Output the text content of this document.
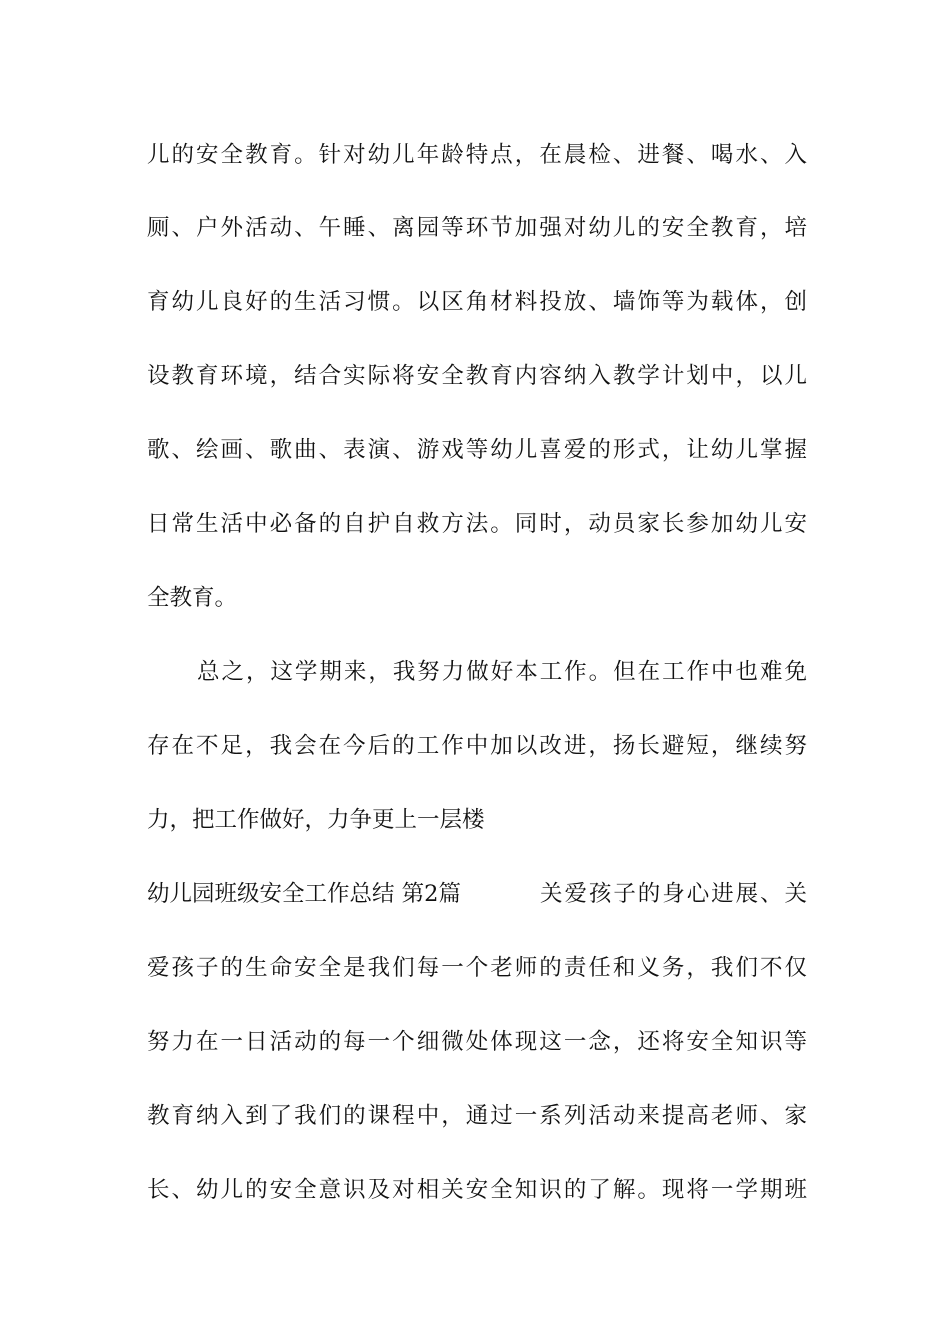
儿的安全教育。针对幼儿年龄特点，在晨检、进餐、喝水、入
厕、户外活动、午睡、离园等环节加强对幼儿的安全教育，培
育幼儿良好的生活习惯。以区角材料投放、墙饰等为载体，创
设教育环境，结合实际将安全教育内容纳入教学计划中，以儿
歌、绘画、歌曲、表演、游戏等幼儿喜爱的形式，让幼儿掌握
日常生活中必备的自护自救方法。同时，动员家长参加幼儿安
全教育。
总之，这学期来，我努力做好本工作。但在工作中也难免
存在不足，我会在今后的工作中加以改进，扬长避短，继续努
力，把工作做好，力争更上一层楼
幼儿园班级安全工作总结 第2篇	关爱孩子的身心进展、关
爱孩子的生命安全是我们每一个老师的责任和义务，我们不仅
努力在一日活动的每一个细微处体现这一念，还将安全知识等
教育纳入到了我们的课程中，通过一系列活动来提高老师、家
长、幼儿的安全意识及对相关安全知识的了解。现将一学期班
